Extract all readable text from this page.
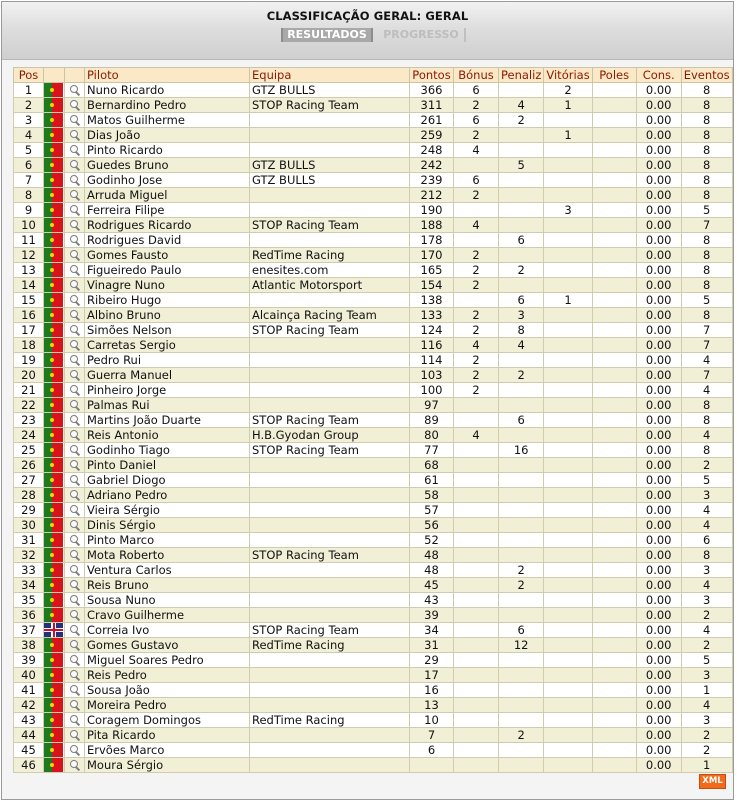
CLASSIFICAÇÃO GERAL: GERAL
RESULTADOS	PROGRESSO
Pos			Piloto	Equipa	Pontos	Bónus	Penaliz	Vitórias	Poles	Cons.	Eventos
1			Nuno Ricardo	GTZ BULLS	366	6		2		0.00	8
2			Bernardino Pedro	STOP Racing Team	311	2	4	1		0.00	8
3			Matos Guilherme		261	6	2			0.00	8
4			Dias João		259	2		1		0.00	8
5			Pinto Ricardo		248	4				0.00	8
6			Guedes Bruno	GTZ BULLS	242		5			0.00	8
7			Godinho Jose	GTZ BULLS	239	6				0.00	8
8			Arruda Miguel		212	2				0.00	8
9			Ferreira Filipe		190			3		0.00	5
10			Rodrigues Ricardo	STOP Racing Team	188	4				0.00	7
11			Rodrigues David		178		6			0.00	8
12			Gomes Fausto	RedTime Racing	170	2				0.00	8
13			Figueiredo Paulo	enesites.com	165	2	2			0.00	8
14			Vinagre Nuno	Atlantic Motorsport	154	2				0.00	8
15			Ribeiro Hugo		138		6	1		0.00	5
16			Albino Bruno	Alcainça Racing Team	133	2	3			0.00	8
17			Simões Nelson	STOP Racing Team	124	2	8			0.00	7
18			Carretas Sergio		116	4	4			0.00	7
19			Pedro Rui		114	2				0.00	4
20			Guerra Manuel		103	2	2			0.00	7
21			Pinheiro Jorge		100	2				0.00	4
22			Palmas Rui		97					0.00	8
23			Martins João Duarte	STOP Racing Team	89		6			0.00	8
24			Reis Antonio	H.B.Gyodan Group	80	4				0.00	4
25			Godinho Tiago	STOP Racing Team	77		16			0.00	8
26			Pinto Daniel		68					0.00	2
27			Gabriel Diogo		61					0.00	5
28			Adriano Pedro		58					0.00	3
29			Vieira Sérgio		57					0.00	4
30			Dinis Sérgio		56					0.00	4
31			Pinto Marco		52					0.00	6
32			Mota Roberto	STOP Racing Team	48					0.00	8
33			Ventura Carlos		48		2			0.00	3
34			Reis Bruno		45		2			0.00	4
35			Sousa Nuno		43					0.00	3
36			Cravo Guilherme		39					0.00	2
37			Correia Ivo	STOP Racing Team	34		6			0.00	4
38			Gomes Gustavo	RedTime Racing	31		12			0.00	2
39			Miguel Soares Pedro		29					0.00	5
40			Reis Pedro		17					0.00	3
41			Sousa João		16					0.00	1
42			Moreira Pedro		13					0.00	4
43			Coragem Domingos	RedTime Racing	10					0.00	3
44			Pita Ricardo		7		2			0.00	2
45			Ervões Marco		6					0.00	2
46			Moura Sérgio							0.00	1
XML
